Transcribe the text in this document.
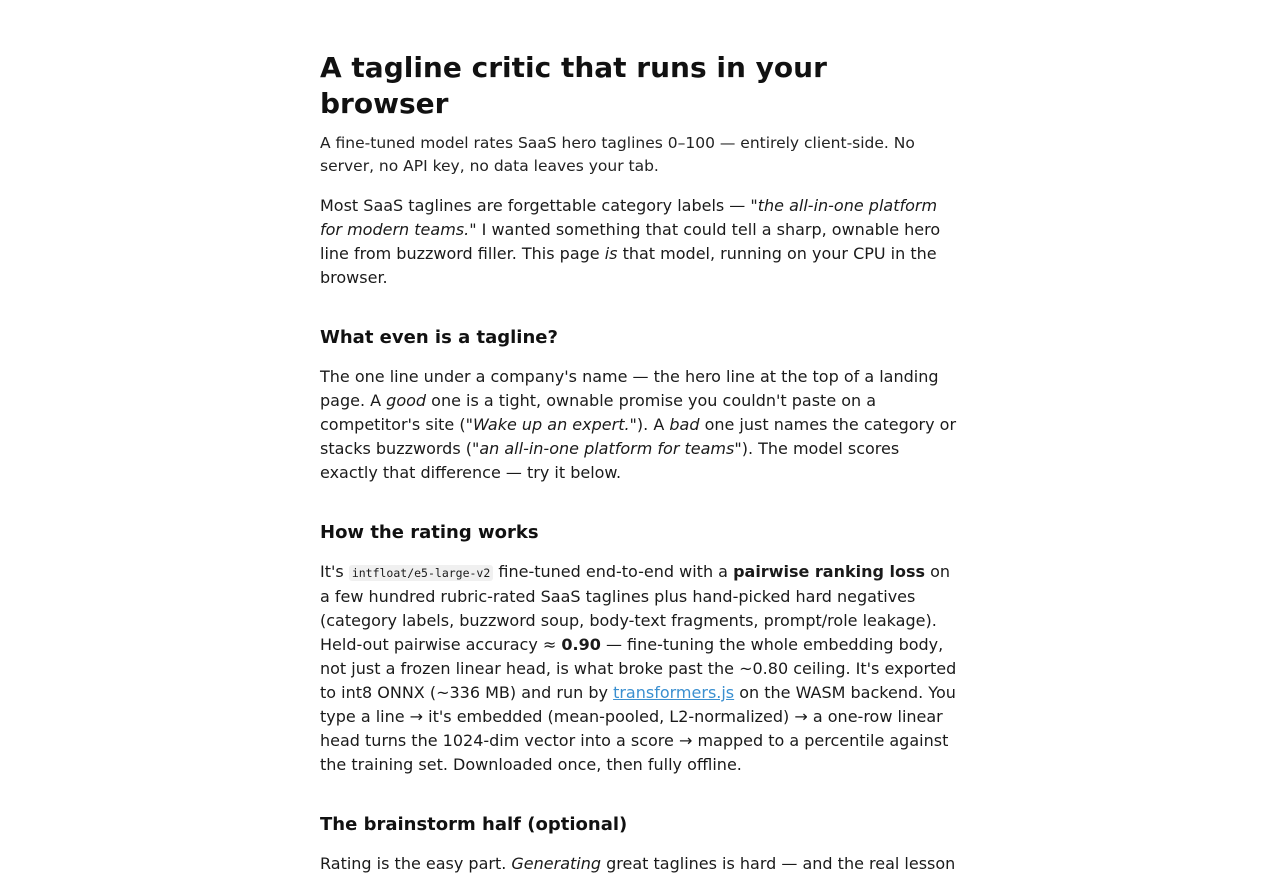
A tagline critic that runs in your browser

A fine-tuned model rates SaaS hero taglines 0–100 — entirely client-side. No server, no API key, no data leaves your tab.

Most SaaS taglines are forgettable category labels — "the all-in-one platform for modern teams." I wanted something that could tell a sharp, ownable hero line from buzzword filler. This page is that model, running on your CPU in the browser.

What even is a tagline?

The one line under a company's name — the hero line at the top of a landing page. A good one is a tight, ownable promise you couldn't paste on a competitor's site ("Wake up an expert."). A bad one just names the category or stacks buzzwords ("an all-in-one platform for teams"). The model scores exactly that difference — try it below.

How the rating works

It's intfloat/e5-large-v2 fine-tuned end-to-end with a pairwise ranking loss on a few hundred rubric-rated SaaS taglines plus hand-picked hard negatives (category labels, buzzword soup, body-text fragments, prompt/role leakage). Held-out pairwise accuracy ≈ 0.90 — fine-tuning the whole embedding body, not just a frozen linear head, is what broke past the ~0.80 ceiling. It's exported to int8 ONNX (~336 MB) and run by transformers.js on the WASM backend. You type a line → it's embedded (mean-pooled, L2-normalized) → a one-row linear head turns the 1024-dim vector into a score → mapped to a percentile against the training set. Downloaded once, then fully offline.

The brainstorm half (optional)

Rating is the easy part. Generating great taglines is hard — and the real lesson
